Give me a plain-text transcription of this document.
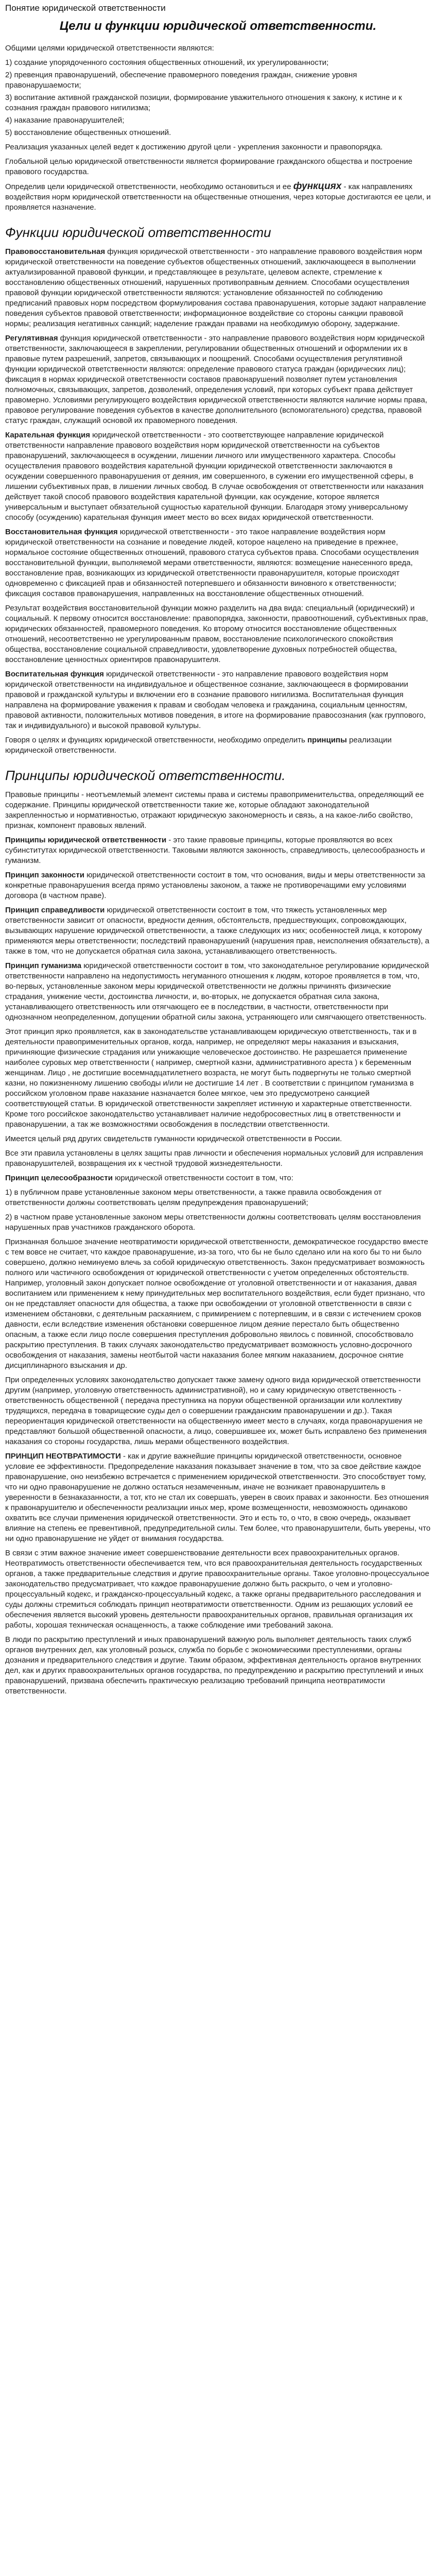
Понятие юридической ответственности
Цели и функции юридической ответственности.

Общими целями юридической ответственности являются:

1) создание упорядоченного состояния общественных отношений, их урегулированности;
2) превенция правонарушений, обеспечение правомерного поведения граждан, снижение уровня правонарушаемости;
3) воспитание активной гражданской позиции, формирование уважительного отношения к закону, к истине и к сознания граждан правового нигилизма;
4) наказание правонарушителей;
5) восстановление общественных отношений.

Реализация указанных целей ведет к достижению другой цели - укрепления законности и правопорядка.

Глобальной целью юридической ответственности является формирование гражданского общества и построение правового государства.

Определив цели юридической ответственности, необходимо остановиться и ее функциях - как направлениях воздействия норм юридической ответственности на общественные отношения, через которые достигаются ее цели, и проявляется назначение.

Функции юридической ответственности

Правовосстановительная функция юридической ответственности - это направление правового воздействия норм юридической ответственности на поведение субъектов общественных отношений, заключающееся в выполнении актуализированной правовой функции, и представляющее в результате, целевом аспекте, стремление к восстановлению общественных отношений, нарушенных противоправным деянием. Способами осуществления правовой функции юридической ответственности являются: установление обязанностей по соблюдению предписаний правовых норм посредством формулирования состава правонарушения, которые задают направление поведения субъектов правовой ответственности; информационное воздействие со стороны санкции правовой нормы; реализация негативных санкций; наделение граждан правами на необходимую оборону, задержание.

Регулятивная функция юридической ответственности - это направление правового воздействия норм юридической ответственности, заключающееся в закреплении, регулировании общественных отношений и оформлении их в правовые путем разрешений, запретов, связывающих и поощрений. Способами осуществления регулятивной функции юридической ответственности являются: определение правового статуса граждан (юридических лиц); фиксация в нормах юридической ответственности составов правонарушений позволяет путем установления полномочных, связывающих, запретов, дозволений, определения условий, при которых субъект права действует правомерно. Условиями регулирующего воздействия юридической ответственности являются наличие нормы права, правовое регулирование поведения субъектов в качестве дополнительного (вспомогательного) средства, правовой статус граждан, служащий основой их правомерного поведения.

Карательная функция юридической ответственности - это соответствующее направление юридической ответственности направление правового воздействия норм юридической ответственности на субъектов правонарушений, заключающееся в осуждении, лишении личного или имущественного характера. Способы осуществления правового воздействия карательной функции юридической ответственности заключаются в осуждении совершенного правонарушения от деяния, им совершенного, в сужении его имущественной сферы, в лишении субъективных прав, в лишении личных свобод. В случае освобождения от ответственности или наказания действует такой способ правового воздействия карательной функции, как осуждение, которое является универсальным и выступает обязательной сущностью карательной функции. Благодаря этому универсальному способу (осуждению) карательная функция имеет место во всех видах юридической ответственности.

Восстановительная функция юридической ответственности - это такое направление воздействия норм юридической ответственности на сознание и поведение людей, которое нацелено на приведение в прежнее, нормальное состояние общественных отношений, правового статуса субъектов права. Способами осуществления восстановительной функции, выполняемой мерами ответственности, являются: возмещение нанесенного вреда, восстановление прав, возникающих из юридической ответственности правонарушителя, которые происходят одновременно с фиксацией прав и обязанностей потерпевшего и обязанности виновного к ответственности; фиксация составов правонарушения, направленных на восстановление общественных отношений.

Результат воздействия восстановительной функции можно разделить на два вида: специальный (юридический) и социальный. К первому относится восстановление: правопорядка, законности, правоотношений, субъективных прав, юридических обязанностей, правомерного поведения. Ко второму относится восстановление общественных отношений, несоответственно не урегулированным правом, восстановление психологического спокойствия общества, восстановление социальной справедливости, удовлетворение духовных потребностей общества, восстановление ценностных ориентиров правонарушителя.

Воспитательная функция юридической ответственности - это направление правового воздействия норм юридической ответственности на индивидуальное и общественное сознание, заключающееся в формировании правовой и гражданской культуры и включении его в сознание правового нигилизма. Воспитательная функция направлена на формирование уважения к правам и свободам человека и гражданина, социальным ценностям, правовой активности, положительных мотивов поведения, в итоге на формирование правосознания (как группового, так и индивидуального) и высокой правовой культуры.

Говоря о целях и функциях юридической ответственности, необходимо определить принципы реализации юридической ответственности.

Принципы юридической ответственности.

Правовые принципы - неотъемлемый элемент системы права и системы правоприменительства, определяющий ее содержание. Принципы юридической ответственности такие же, которые обладают законодательной закрепленностью и нормативностью, отражают юридическую закономерность и связь, а на какое-либо свойство, признак, компонент правовых явлений.

Принципы юридической ответственности - это такие правовые принципы, которые проявляются во всех субинститутах юридической ответственности. Таковыми являются законность, справедливость, целесообразность и гуманизм.

Принцип законности юридической ответственности состоит в том, что основания, виды и меры ответственности за конкретные правонарушения всегда прямо установлены законом, а также не противоречащими ему условиями договора (в частном праве).

Принцип справедливости юридической ответственности состоит в том, что тяжесть установленных мер ответственности зависит от опасности, вредности деяния, обстоятельств, предшествующих, сопровождающих, вызывающих нарушение юридической ответственности, а также следующих из них; особенностей лица, к которому применяются меры ответственности; последствий правонарушений (нарушения прав, неисполнения обязательств), а также в том, что не допускается обратная сила закона, устанавливающего ответственность.

Принцип гуманизма юридической ответственности состоит в том, что законодательное регулирование юридической ответственности направлено на недопустимость негуманного отношения к людям, которое проявляется в том, что, во-первых, установленные законом меры юридической ответственности не должны причинять физические страдания, унижение чести, достоинства личности, и, во-вторых, не допускается обратная сила закона, устанавливающего ответственность или отягчающего ее в последствии, в частности, ответственности при однозначном неопределенном, допущении обратной силы закона, устраняющего или смягчающего ответственность.

Этот принцип ярко проявляется, как в законодательстве устанавливающем юридическую ответственность, так и в деятельности правоприменительных органов, когда, например, не определяют меры наказания и взыскания, причиняющие физические страдания или унижающие человеческое достоинство. Не разрешается применение наиболее суровых мер ответственности ( например, смертной казни, административного ареста ) к беременным женщинам. Лицо , не достигшие восемнадцатилетнего возраста, не могут быть подвергнуты не только смертной казни, но пожизненному лишению свободы и/или не достигшие 14 лет . В соответствии с принципом гуманизма в российском уголовном праве наказание назначается более мягкое, чем это предусмотрено санкцией соответствующей статьи. В юридической ответственности закрепляет истинную и характерные ответственности. Кроме того российское законодательство устанавливает наличие недобросовестных лиц в ответственности и правонарушении, а так же возможностями освобождения в последствии ответственности.

Имеется целый ряд других свидетельств гуманности юридической ответственности в России.

Все эти правила установлены в целях защиты прав личности и обеспечения нормальных условий для исправления правонарушителей, возвращения их к честной трудовой жизнедеятельности.

Принцип целесообразности юридической ответственности состоит в том, что:

1) в публичном праве установленные законом меры ответственности, а также правила освобождения от ответственности должны соответствовать целям предупреждения правонарушений;

2) в частном праве установленные законом меры ответственности должны соответствовать целям восстановления нарушенных прав участников гражданского оборота.

Признанная большое значение неотвратимости юридической ответственности, демократическое государство вместе с тем вовсе не считает, что каждое правонарушение, из-за того, что бы не было сделано или на кого бы то ни было совершено, должно неминуемо влечь за собой юридическую ответственность. Закон предусматривает возможность полного или частичного освобождения от юридической ответственности с учетом определенных обстоятельств. Например, уголовный закон допускает полное освобождение от уголовной ответственности и от наказания, давая воспитанием или применением к нему принудительных мер воспитательного воздействия, если будет признано, что он не представляет опасности для общества, а также при освобождении от уголовной ответственности в связи с изменением обстановки, с деятельным раскаянием, с примирением с потерпевшим, и в связи с истечением сроков давности, если вследствие изменения обстановки совершенное лицом деяние перестало быть общественно опасным, а также если лицо после совершения преступления добровольно явилось с повинной, способствовало раскрытию преступления. В таких случаях законодательство предусматривает возможность условно-досрочного освобождения от наказания, замены неотбытой части наказания более мягким наказанием, досрочное снятие дисциплинарного взыскания и др.

При определенных условиях законодательство допускает также замену одного вида юридической ответственности другим (например, уголовную ответственность административной), но и саму юридическую ответственность - ответственность общественной ( передача преступника на поруки общественной организации или коллективу трудящихся, передача в товарищеские суды дел о совершении гражданским правонарушении и др.). Такая переориентация юридической ответственности на общественную имеет место в случаях, когда правонарушения не представляют большой общественной опасности, а лицо, совершившее их, может быть исправлено без применения наказания со стороны государства, лишь мерами общественного воздействия.

ПРИНЦИП НЕОТВРАТИМОСТИ - как и другие важнейшие принципы юридической ответственности, основное условие ее эффективности. Предопределение наказания показывает значение в том, что за свое действие каждое правонарушение, оно неизбежно встречается с применением юридической ответственности. Это способствует тому, что ни одно правонарушение не должно остаться незамеченным, иначе не возникает правонарушитель в уверенности в безнаказанности, а тот, кто не стал их совершать, уверен в своих правах и законности. Без отношения к правонарушителю и обеспеченности реализации иных мер, кроме возмещенности, невозможность одинаково охватить все случаи применения юридической ответственности. Это и есть то, о что, в свою очередь, оказывает влияние на степень ее превентивной, предупредительной силы. Тем более, что правонарушители, быть уверены, что ни одно правонарушение не уйдет от внимания государства.

В связи с этим важное значение имеет совершенствование деятельности всех правоохранительных органов. Неотвратимость ответственности обеспечивается тем, что вся правоохранительная деятельность государственных органов, а также предварительные следствия и другие правоохранительные органы. Такое уголовно-процессуальное законодательство предусматривает, что каждое правонарушение должно быть раскрыто, о чем и уголовно-процессуальный кодекс, и гражданско-процессуальный кодекс, а также органы предварительного расследования и суды должны стремиться соблюдать принцип неотвратимости ответственности. Одним из решающих условий ее обеспечения является высокий уровень деятельности правоохранительных органов, правильная организация их работы, хорошая техническая оснащенность, а также соблюдение ими требований закона.

В люди по раскрытию преступлений и иных правонарушений важную роль выполняет деятельность таких служб органов внутренних дел, как уголовный розыск, служба по борьбе с экономическими преступлениями, органы дознания и предварительного следствия и другие. Таким образом, эффективная деятельность органов внутренних дел, как и других правоохранительных органов государства, по предупреждению и раскрытию преступлений и иных правонарушений, призвана обеспечить практическую реализацию требований принципа неотвратимости ответственности.
